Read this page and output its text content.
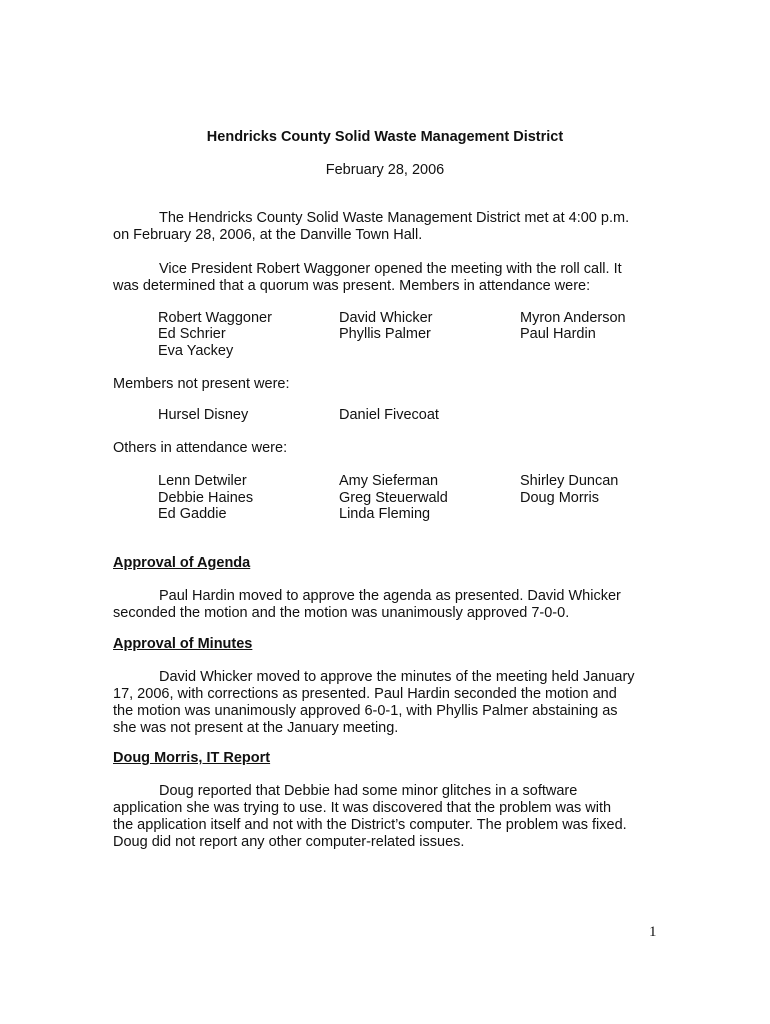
Hendricks County Solid Waste Management District
February 28, 2006
The Hendricks County Solid Waste Management District met at 4:00 p.m.
on February 28, 2006, at the Danville Town Hall.
Vice President Robert Waggoner opened the meeting with the roll call. It
was determined that a quorum was present. Members in attendance were:
Robert Waggoner
Ed Schrier
Eva Yackey
David Whicker
Phyllis Palmer
Myron Anderson
Paul Hardin
Members not present were:
Hursel Disney	Daniel Fivecoat
Others in attendance were:
Lenn Detwiler
Debbie Haines
Ed Gaddie
Amy Sieferman
Greg Steuerwald
Linda Fleming
Shirley Duncan
Doug Morris
Approval of Agenda
Paul Hardin moved to approve the agenda as presented. David Whicker
seconded the motion and the motion was unanimously approved 7-0-0.
Approval of Minutes
David Whicker moved to approve the minutes of the meeting held January
17, 2006, with corrections as presented. Paul Hardin seconded the motion and
the motion was unanimously approved 6-0-1, with Phyllis Palmer abstaining as
she was not present at the January meeting.
Doug Morris, IT Report
Doug reported that Debbie had some minor glitches in a software
application she was trying to use. It was discovered that the problem was with
the application itself and not with the District’s computer. The problem was fixed.
Doug did not report any other computer-related issues.
1
